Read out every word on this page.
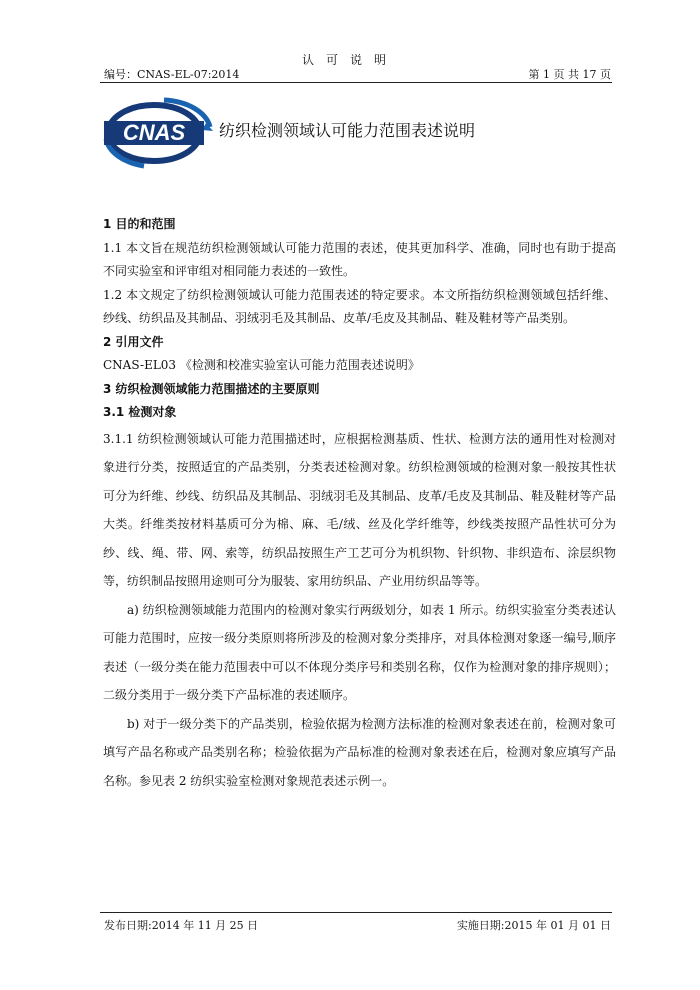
认可说明
编号：CNAS-EL-07:2014	第 1 页 共 17 页
CNAS 纺织检测领域认可能力范围表述说明
1 目的和范围

1.1 本文旨在规范纺织检测领域认可能力范围的表述，使其更加科学、准确，同时也有助于提高不同实验室和评审组对相同能力表述的一致性。

1.2 本文规定了纺织检测领域认可能力范围表述的特定要求。本文所指纺织检测领域包括纤维、纱线、纺织品及其制品、羽绒羽毛及其制品、皮革/毛皮及其制品、鞋及鞋材等产品类别。

2 引用文件

CNAS-EL03 《检测和校准实验室认可能力范围表述说明》

3 纺织检测领域能力范围描述的主要原则
3.1 检测对象

3.1.1 纺织检测领域认可能力范围描述时，应根据检测基质、性状、检测方法的通用性对检测对象进行分类，按照适宜的产品类别，分类表述检测对象。纺织检测领域的检测对象一般按其性状可分为纤维、纱线、纺织品及其制品、羽绒羽毛及其制品、皮革/毛皮及其制品、鞋及鞋材等产品大类。纤维类按材料基质可分为棉、麻、毛/绒、丝及化学纤维等，纱线类按照产品性状可分为纱、线、绳、带、网、索等，纺织品按照生产工艺可分为机织物、针织物、非织造布、涂层织物等，纺织制品按照用途则可分为服装、家用纺织品、产业用纺织品等等。

a) 纺织检测领域能力范围内的检测对象实行两级划分，如表 1 所示。纺织实验室分类表述认可能力范围时，应按一级分类原则将所涉及的检测对象分类排序，对具体检测对象逐一编号,顺序表述（一级分类在能力范围表中可以不体现分类序号和类别名称，仅作为检测对象的排序规则）；二级分类用于一级分类下产品标准的表述顺序。

b) 对于一级分类下的产品类别，检验依据为检测方法标准的检测对象表述在前，检测对象可填写产品名称或产品类别名称；检验依据为产品标准的检测对象表述在后，检测对象应填写产品名称。参见表 2 纺织实验室检测对象规范表述示例一。

发布日期:2014 年 11 月 25 日	实施日期:2015 年 01 月 01 日
